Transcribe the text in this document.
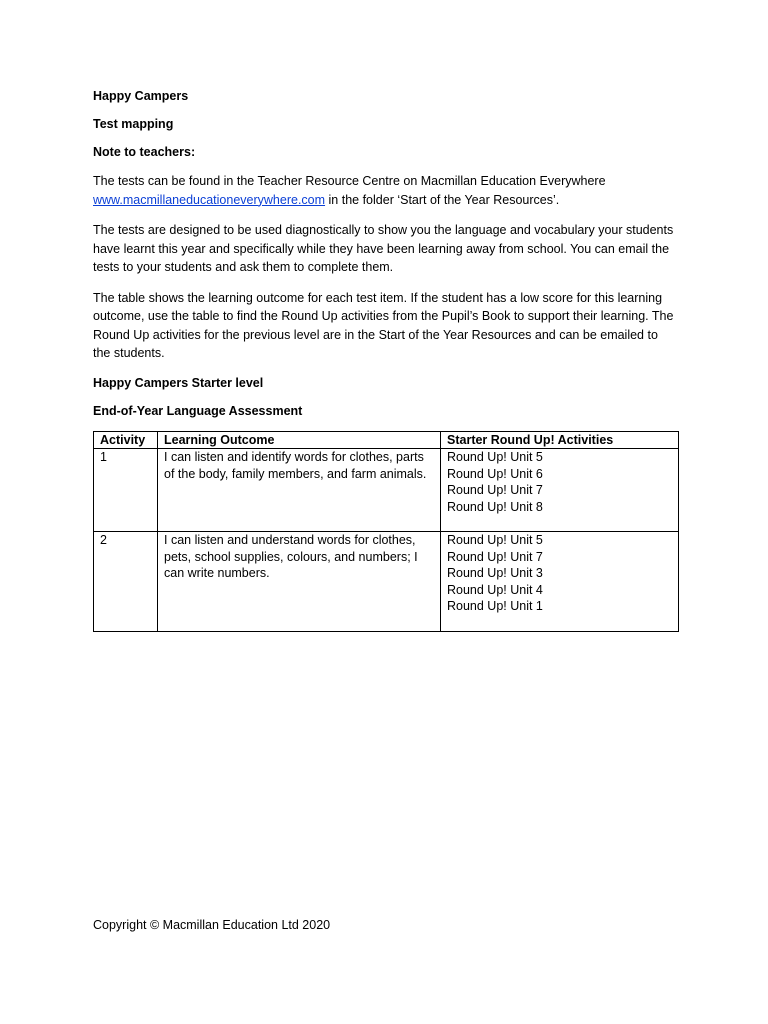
Happy Campers
Test mapping
Note to teachers:

The tests can be found in the Teacher Resource Centre on Macmillan Education Everywhere
www.macmillaneducationeverywhere.com in the folder ‘Start of the Year Resources’.

The tests are designed to be used diagnostically to show you the language and vocabulary your students have learnt this year and specifically while they have been learning away from school. You can email the tests to your students and ask them to complete them.

The table shows the learning outcome for each test item. If the student has a low score for this learning outcome, use the table to find the Round Up activities from the Pupil’s Book to support their learning. The Round Up activities for the previous level are in the Start of the Year Resources and can be emailed to the students.

Happy Campers Starter level
End-of-Year Language Assessment
Activity	Learning Outcome	Starter Round Up! Activities
1	I can listen and identify words for clothes, parts of the body, family members, and farm animals.	Round Up! Unit 5
Round Up! Unit 6
Round Up! Unit 7
Round Up! Unit 8

2	I can listen and understand words for clothes, pets, school supplies, colours, and numbers; I can write numbers.	Round Up! Unit 5
Round Up! Unit 7
Round Up! Unit 3
Round Up! Unit 4
Round Up! Unit 1
Copyright © Macmillan Education Ltd 2020
